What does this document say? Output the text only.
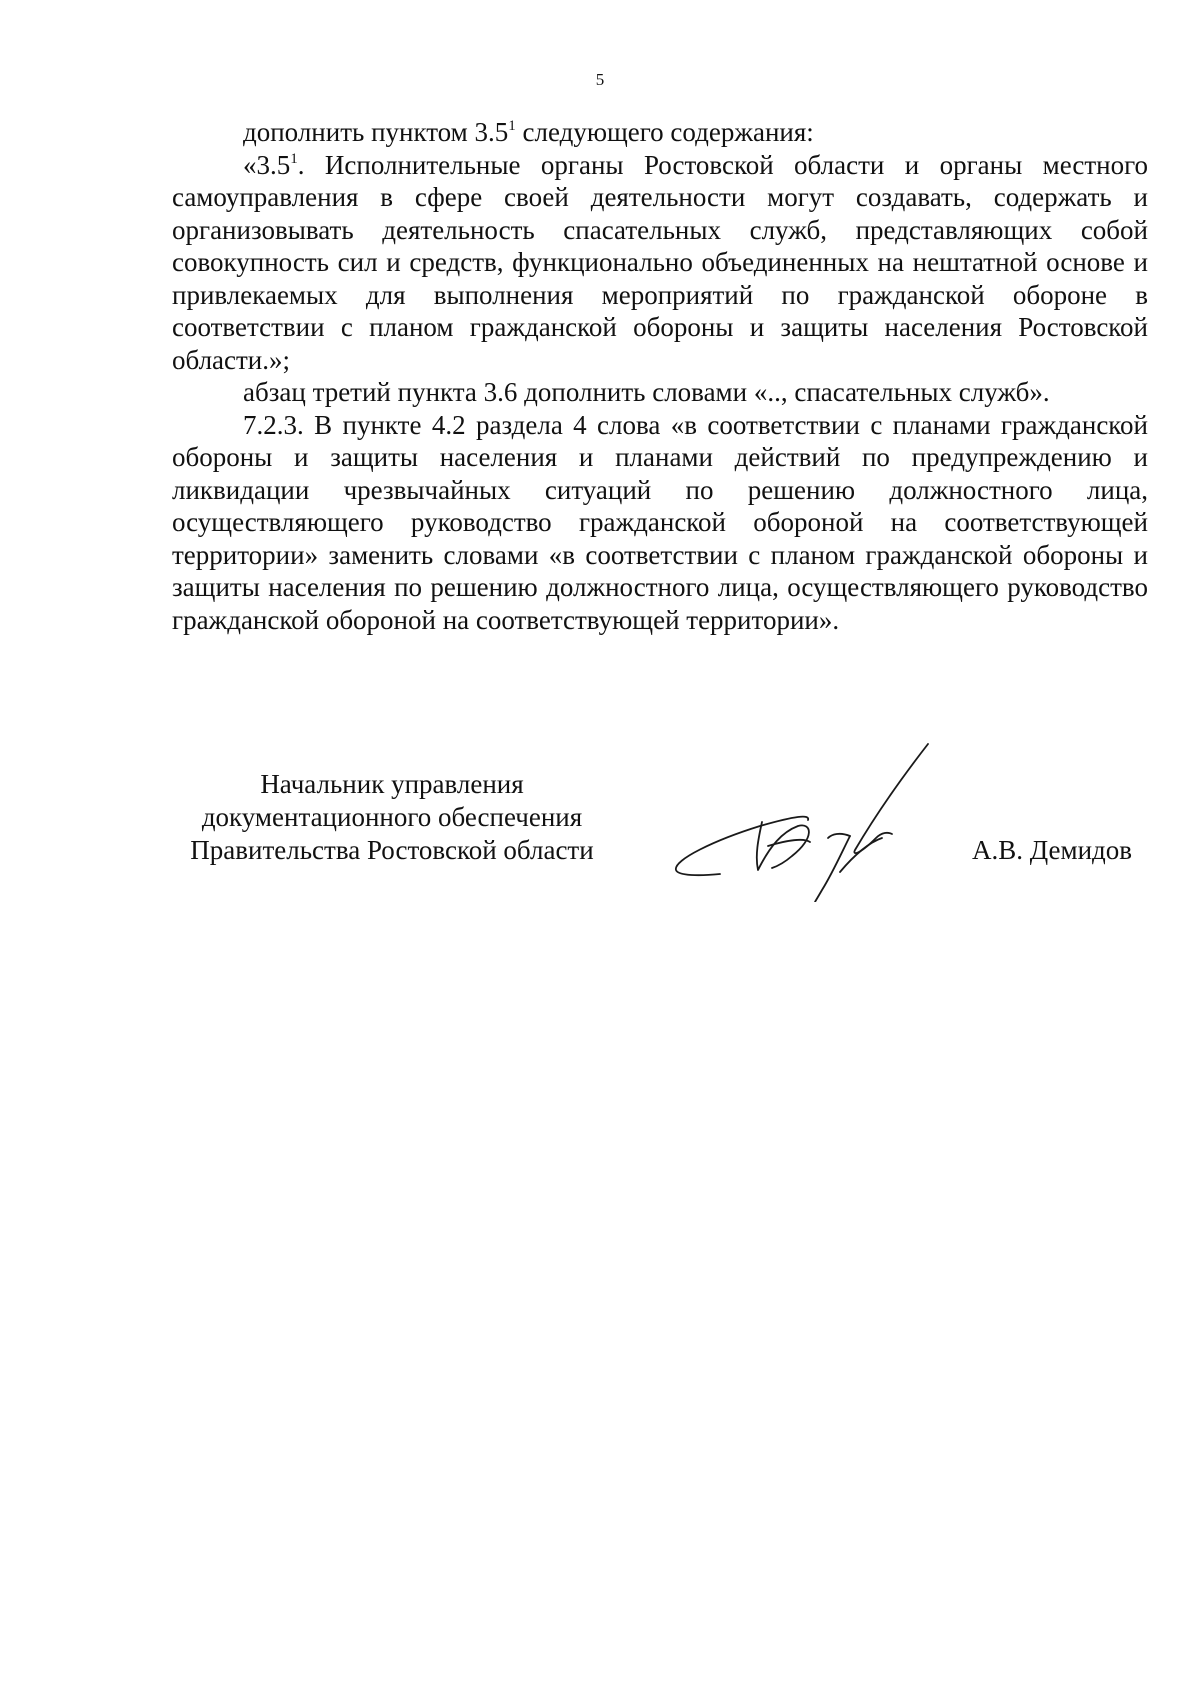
5

дополнить пунктом $3.5^1$ следующего содержания:

«$3.5^1$. Исполнительные органы Ростовской области и органы местного самоуправления в сфере своей деятельности могут создавать, содержать и организовывать деятельность спасательных служб, представляющих собой совокупность сил и средств, функционально объединенных на нештатной основе и привлекаемых для выполнения мероприятий по гражданской обороне в соответствии с планом гражданской обороны и защиты населения Ростовской области.»;

абзац третий пункта 3.6 дополнить словами «.., спасательных служб».

7.2.3. В пункте 4.2 раздела 4 слова «в соответствии с планами гражданской обороны и защиты населения и планами действий по предупреждению и ликвидации чрезвычайных ситуаций по решению должностного лица, осуществляющего руководство гражданской обороной на соответствующей территории» заменить словами «в соответствии с планом гражданской обороны и защиты населения по решению должностного лица, осуществляющего руководство гражданской обороной на соответствующей территории».

Начальник управления
документационного обеспечения
Правительства Ростовской области	А.В. Демидов
